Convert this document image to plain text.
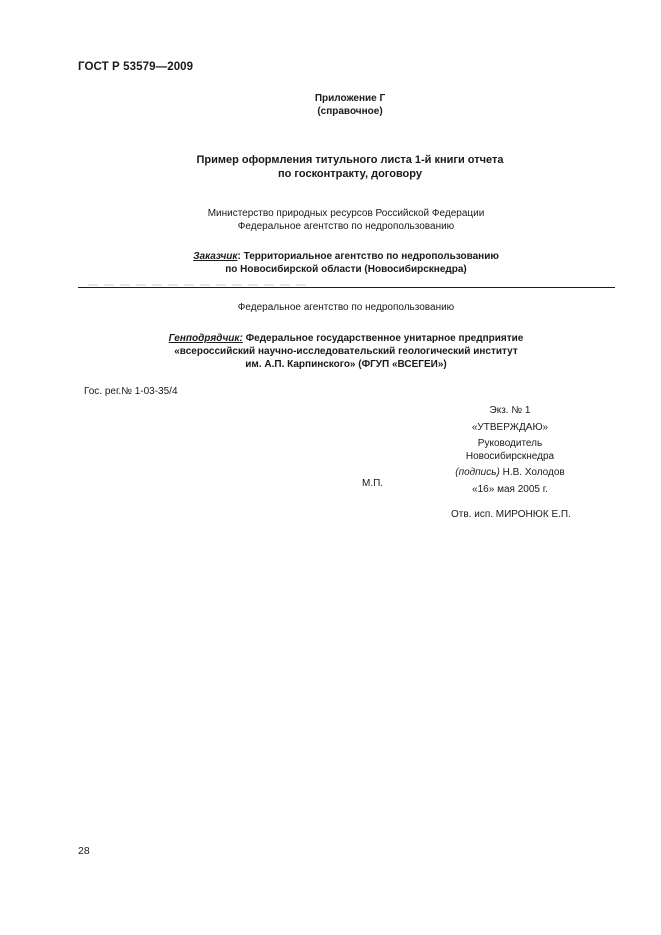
ГОСТ Р 53579—2009
Приложение Г
(справочное)
Пример оформления титульного листа 1-й книги отчета
по госконтракту, договору
Министерство природных ресурсов Российской Федерации
Федеральное агентство по недропользованию
Заказчик: Территориальное агентство по недропользованию
по Новосибирской области (Новосибирскнедра)
Федеральное агентство по недропользованию
Генподрядчик: Федеральное государственное унитарное предприятие
«всероссийский научно-исследовательский геологический институт
им. А.П. Карпинского» (ФГУП «ВСЕГЕИ»)
Гос. рег.№ 1-03-35/4
Экз. № 1
«УТВЕРЖДАЮ»
Руководитель
Новосибирскнедра
(подпись) Н.В. Холодов
«16» мая 2005 г.
М.П.
Отв. исп. МИРОНЮК Е.П.
28
